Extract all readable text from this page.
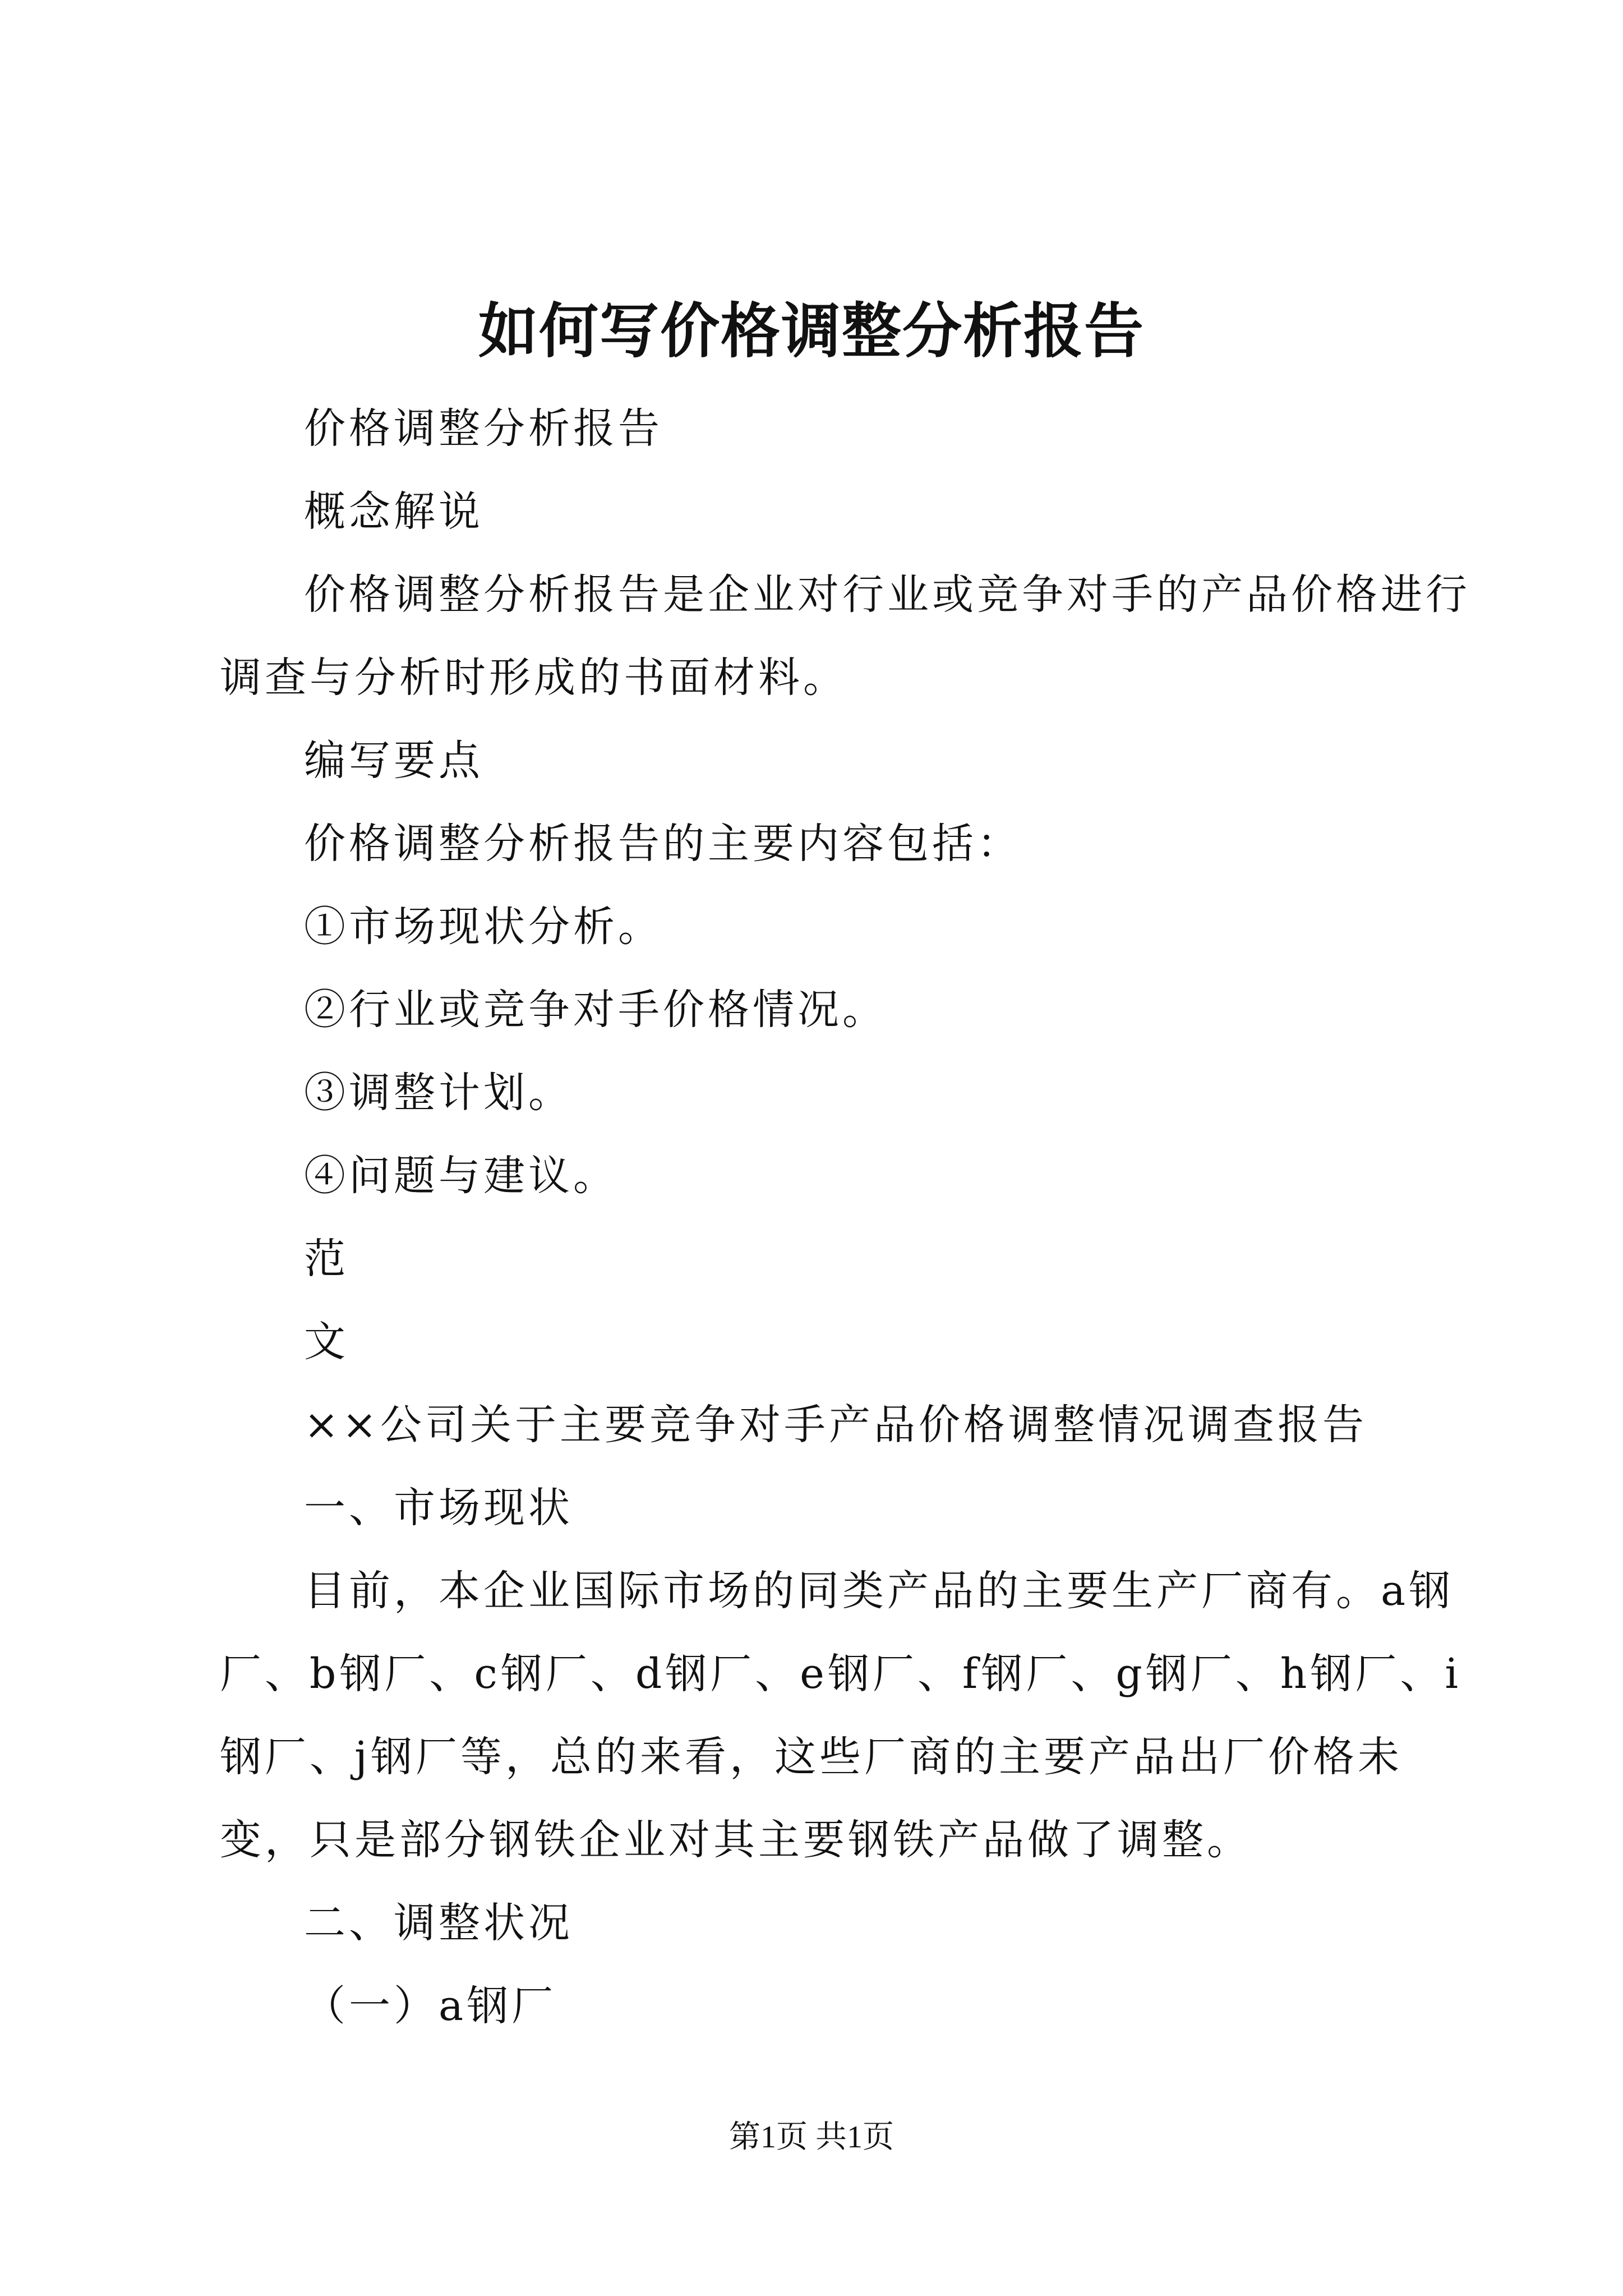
如何写价格调整分析报告

价格调整分析报告

概念解说

价格调整分析报告是企业对行业或竞争对手的产品价格进行调查与分析时形成的书面材料。

编写要点

价格调整分析报告的主要内容包括：

①市场现状分析。

②行业或竞争对手价格情况。

③调整计划。

④问题与建议。

范

文

××公司关于主要竞争对手产品价格调整情况调查报告

一、市场现状

目前，本企业国际市场的同类产品的主要生产厂商有。a钢厂、b钢厂、c钢厂、d钢厂、e钢厂、f钢厂、g钢厂、h钢厂、i钢厂、j钢厂等，总的来看，这些厂商的主要产品出厂价格未变，只是部分钢铁企业对其主要钢铁产品做了调整。

二、调整状况

（一）a钢厂

第1页 共1页
